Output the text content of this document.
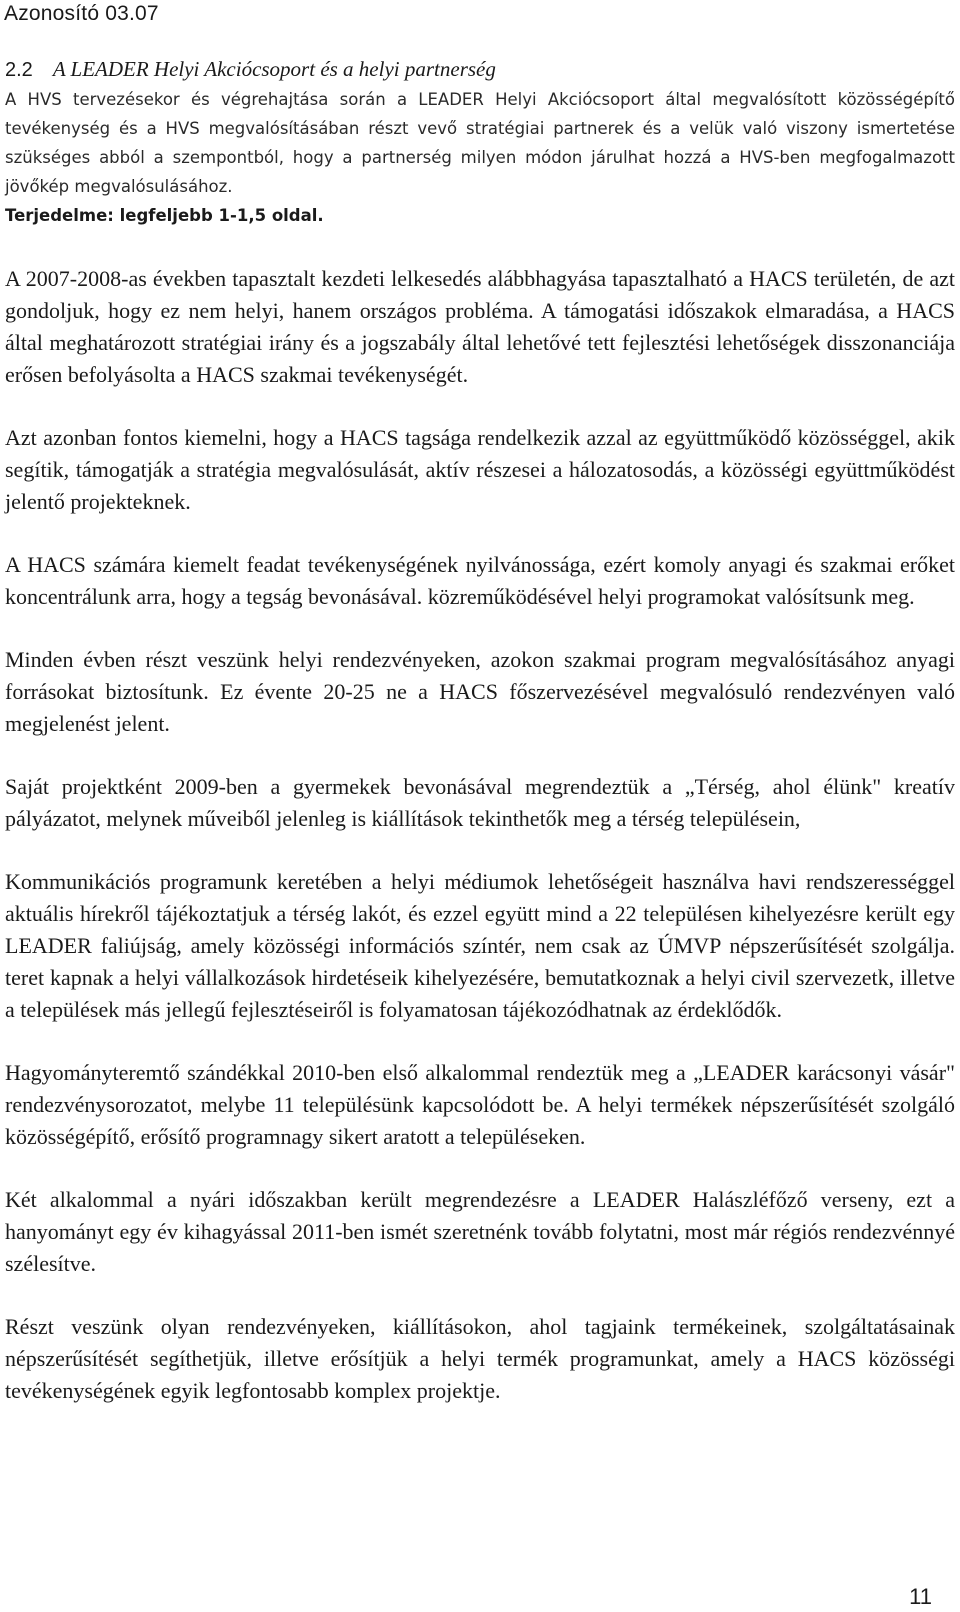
Azonosító 03.07
2.2 A LEADER Helyi Akciócsoport és a helyi partnerség

A HVS tervezésekor és végrehajtása során a LEADER Helyi Akciócsoport által megvalósított közösségépítő tevékenység és a HVS megvalósításában részt vevő stratégiai partnerek és a velük való viszony ismertetése szükséges abból a szempontból, hogy a partnerség milyen módon járulhat hozzá a HVS-ben megfogalmazott jövőkép megvalósulásához.

Terjedelme: legfeljebb 1-1,5 oldal.

A 2007-2008-as években tapasztalt kezdeti lelkesedés alábbhagyása tapasztalható a HACS területén, de azt gondoljuk, hogy ez nem helyi, hanem országos probléma. A támogatási időszakok elmaradása, a HACS által meghatározott stratégiai irány és a jogszabály által lehetővé tett fejlesztési lehetőségek disszonanciája erősen befolyásolta a HACS szakmai tevékenységét.

Azt azonban fontos kiemelni, hogy a HACS tagsága rendelkezik azzal az együttműködő közösséggel, akik segítik, támogatják a stratégia megvalósulását, aktív részesei a hálozatosodás, a közösségi együttműködést jelentő projekteknek.

A HACS számára kiemelt feadat tevékenységének nyilvánossága, ezért komoly anyagi és szakmai erőket koncentrálunk arra, hogy a tegság bevonásával. közreműködésével helyi programokat valósítsunk meg.

Minden évben részt veszünk helyi rendezvényeken, azokon szakmai program megvalósításához anyagi forrásokat biztosítunk. Ez évente 20-25 ne a HACS főszervezésével megvalósuló rendezvényen való megjelenést jelent.

Saját projektként 2009-ben a gyermekek bevonásával megrendeztük a „Térség, ahol élünk" kreatív pályázatot, melynek műveiből jelenleg is kiállítások tekinthetők meg a térség településein,

Kommunikációs programunk keretében a helyi médiumok lehetőségeit használva havi rendszerességgel aktuális hírekről tájékoztatjuk a térség lakót, és ezzel együtt mind a 22 településen kihelyezésre került egy LEADER faliújság, amely közösségi információs színtér, nem csak az ÚMVP népszerűsítését szolgálja. teret kapnak a helyi vállalkozások hirdetéseik kihelyezésére, bemutatkoznak a helyi civil szervezetk, illetve a települések más jellegű fejlesztéseiről is folyamatosan tájékozódhatnak az érdeklődők.

Hagyományteremtő szándékkal 2010-ben első alkalommal rendeztük meg a „LEADER karácsonyi vásár" rendezvénysorozatot, melybe 11 településünk kapcsolódott be. A helyi termékek népszerűsítését szolgáló közösségépítő, erősítő programnagy sikert aratott a településeken.

Két alkalommal a nyári időszakban került megrendezésre a LEADER Halászléfőző verseny, ezt a hanyományt egy év kihagyással 2011-ben ismét szeretnénk tovább folytatni, most már régiós rendezvénnyé szélesítve.

Részt veszünk olyan rendezvényeken, kiállításokon, ahol tagjaink termékeinek, szolgáltatásainak népszerűsítését segíthetjük, illetve erősítjük a helyi termék programunkat, amely a HACS közösségi tevékenységének egyik legfontosabb komplex projektje.

11
